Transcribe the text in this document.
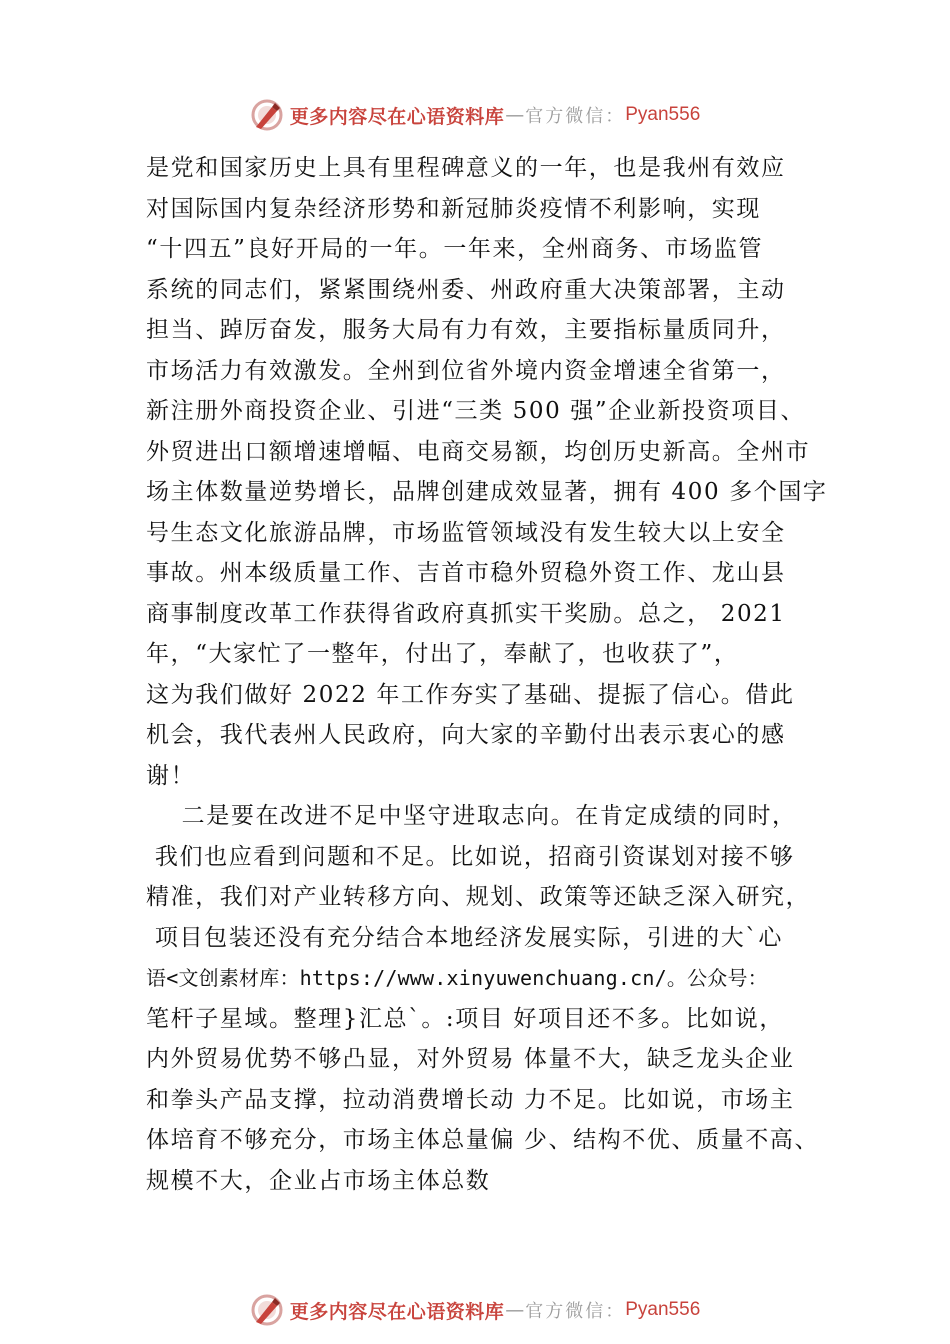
更多内容尽在心语资料库 — 官方微信： Pyan556
是党和国家历史上具有里程碑意义的一年，也是我州有效应
对国际国内复杂经济形势和新冠肺炎疫情不利影响，实现
“十四五”良好开局的一年。一年来，全州商务、市场监管
系统的同志们，紧紧围绕州委、州政府重大决策部署，主动
担当、踔厉奋发，服务大局有力有效，主要指标量质同升，
市场活力有效激发。全州到位省外境内资金增速全省第一，
新注册外商投资企业、引进“三类 500 强”企业新投资项目、
外贸进出口额增速增幅、电商交易额，均创历史新高。全州市
场主体数量逆势增长，品牌创建成效显著，拥有 400 多个国字
号生态文化旅游品牌，市场监管领域没有发生较大以上安全
事故。州本级质量工作、吉首市稳外贸稳外资工作、龙山县
商事制度改革工作获得省政府真抓实干奖励。总之， 2021
年，“大家忙了一整年，付出了，奉献了，也收获了”，
这为我们做好 2022 年工作夯实了基础、提振了信心。借此
机会，我代表州人民政府，向大家的辛勤付出表示衷心的感
谢！
二是要在改进不足中坚守进取志向。在肯定成绩的同时，
我们也应看到问题和不足。比如说，招商引资谋划对接不够
精准，我们对产业转移方向、规划、政策等还缺乏深入研究，
项目包装还没有充分结合本地经济发展实际，引进的大`心
语<文创素材库：https://www.xinyuwenchuang.cn/。公众号：
笔杆子星域。整理}汇总`。:项目 好项目还不多。比如说，
内外贸易优势不够凸显，对外贸易 体量不大，缺乏龙头企业
和拳头产品支撑，拉动消费增长动 力不足。比如说，市场主
体培育不够充分，市场主体总量偏 少、结构不优、质量不高、
规模不大，企业占市场主体总数
更多内容尽在心语资料库 — 官方微信： Pyan556
